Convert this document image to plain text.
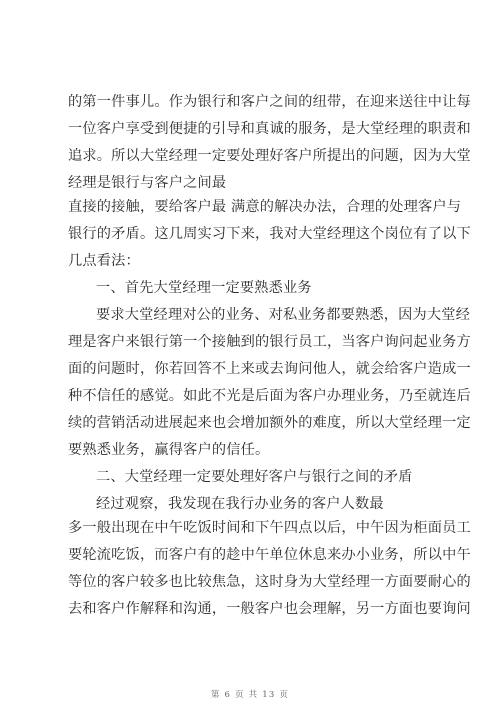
的第一件事儿。作为银行和客户之间的纽带，在迎来送往中让每
一位客户享受到便捷的引导和真诚的服务，是大堂经理的职责和
追求。所以大堂经理一定要处理好客户所提出的问题，因为大堂
经理是银行与客户之间最
直接的接触，要给客户最 满意的解决办法，合理的处理客户与
银行的矛盾。这几周实习下来，我对大堂经理这个岗位有了以下
几点看法：
一、首先大堂经理一定要熟悉业务
要求大堂经理对公的业务、对私业务都要熟悉，因为大堂经
理是客户来银行第一个接触到的银行员工，当客户询问起业务方
面的问题时，你若回答不上来或去询问他人，就会给客户造成一
种不信任的感觉。如此不光是后面为客户办理业务，乃至就连后
续的营销活动进展起来也会增加额外的难度，所以大堂经理一定
要熟悉业务，赢得客户的信任。
二、大堂经理一定要处理好客户与银行之间的矛盾
经过观察，我发现在我行办业务的客户人数最
多一般出现在中午吃饭时间和下午四点以后，中午因为柜面员工
要轮流吃饭，而客户有的趁中午单位休息来办小业务，所以中午
等位的客户较多也比较焦急，这时身为大堂经理一方面要耐心的
去和客户作解释和沟通，一般客户也会理解，另一方面也要询问
第 6 页 共 13 页
